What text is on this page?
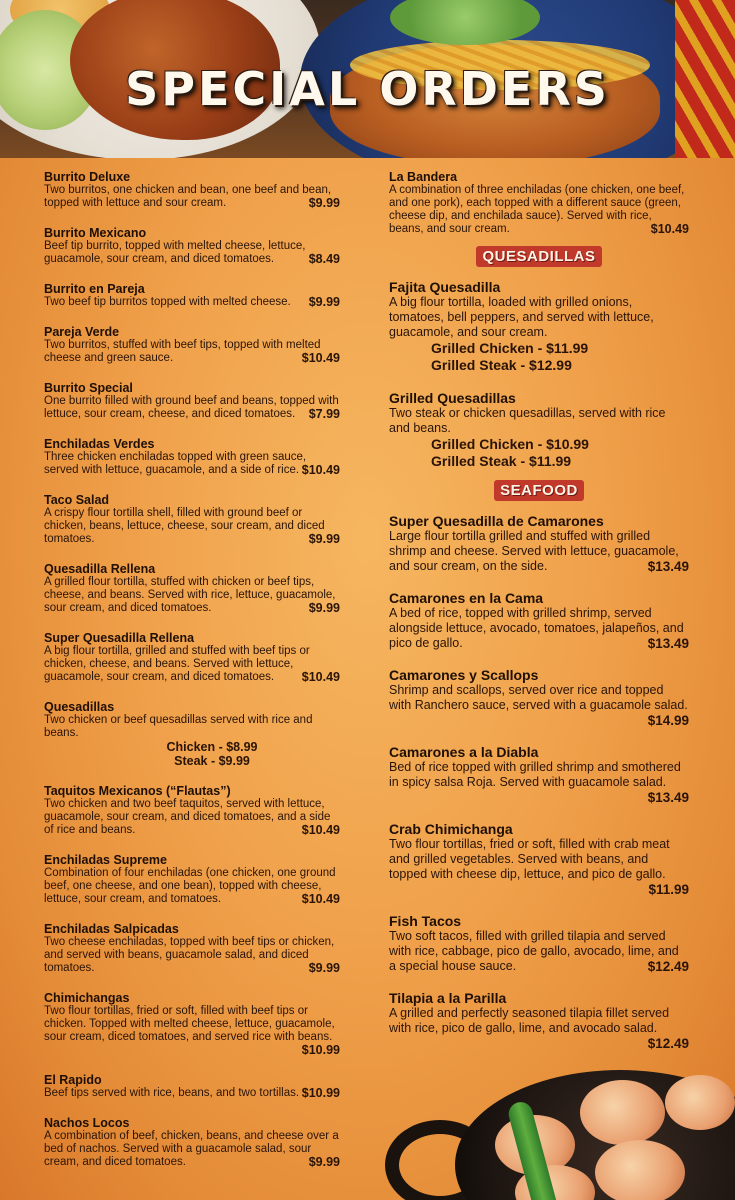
SPECIAL ORDERS
Burrito Deluxe
Two burritos, one chicken and bean, one beef and bean, topped with lettuce and sour cream.	$9.99
Burrito Mexicano
Beef tip burrito, topped with melted cheese, lettuce, guacamole, sour cream, and diced tomatoes.	$8.49
Burrito en Pareja
Two beef tip burritos topped with melted cheese. $9.99
Pareja Verde
Two burritos, stuffed with beef tips, topped with melted cheese and green sauce.	$10.49
Burrito Special
One burrito filled with ground beef and beans, topped with lettuce, sour cream, cheese, and diced tomatoes. $7.99
Enchiladas Verdes
Three chicken enchiladas topped with green sauce, served with lettuce, guacamole, and a side of rice. $10.49
Taco Salad
A crispy flour tortilla shell, filled with ground beef or chicken, beans, lettuce, cheese, sour cream, and diced tomatoes.	$9.99
Quesadilla Rellena
A grilled flour tortilla, stuffed with chicken or beef tips, cheese, and beans. Served with rice, lettuce, guacamole, sour cream, and diced tomatoes.	$9.99
Super Quesadilla Rellena
A big flour tortilla, grilled and stuffed with beef tips or chicken, cheese, and beans. Served with lettuce, guacamole, sour cream, and diced tomatoes. $10.49
Quesadillas
Two chicken or beef quesadillas served with rice and beans.
Chicken - $8.99
Steak - $9.99
Taquitos Mexicanos (“Flautas”)
Two chicken and two beef taquitos, served with lettuce, guacamole, sour cream, and diced tomatoes, and a side of rice and beans.	$10.49
Enchiladas Supreme
Combination of four enchiladas (one chicken, one ground beef, one cheese, and one bean), topped with cheese, lettuce, sour cream, and tomatoes.	$10.49
Enchiladas Salpicadas
Two cheese enchiladas, topped with beef tips or chicken, and served with beans, guacamole salad, and diced tomatoes.	$9.99
Chimichangas
Two flour tortillas, fried or soft, filled with beef tips or chicken. Topped with melted cheese, lettuce, guacamole, sour cream, diced tomatoes, and served rice with beans.
$10.99
El Rapido
Beef tips served with rice, beans, and two tortillas. $10.99
Nachos Locos
A combination of beef, chicken, beans, and cheese over a bed of nachos. Served with a guacamole salad, sour cream, and diced tomatoes.	$9.99
La Bandera
A combination of three enchiladas (one chicken, one beef, and one pork), each topped with a different sauce (green, cheese dip, and enchilada sauce). Served with rice, beans, and sour cream.	$10.49
QUESADILLAS
Fajita Quesadilla
A big flour tortilla, loaded with grilled onions, tomatoes, bell peppers, and served with lettuce, guacamole, and sour cream.
Grilled Chicken - $11.99
Grilled Steak - $12.99
Grilled Quesadillas
Two steak or chicken quesadillas, served with rice and beans.
Grilled Chicken - $10.99
Grilled Steak - $11.99
SEAFOOD
Super Quesadilla de Camarones
Large flour tortilla grilled and stuffed with grilled shrimp and cheese. Served with lettuce, guacamole, and sour cream, on the side.	$13.49
Camarones en la Cama
A bed of rice, topped with grilled shrimp, served alongside lettuce, avocado, tomatoes, jalapeños, and pico de gallo.	$13.49
Camarones y Scallops
Shrimp and scallops, served over rice and topped with Ranchero sauce, served with a guacamole salad.
$14.99
Camarones a la Diabla
Bed of rice topped with grilled shrimp and smothered in spicy salsa Roja. Served with guacamole salad.
$13.49
Crab Chimichanga
Two flour tortillas, fried or soft, filled with crab meat and grilled vegetables. Served with beans, and topped with cheese dip, lettuce, and pico de gallo.
$11.99
Fish Tacos
Two soft tacos, filled with grilled tilapia and served with rice, cabbage, pico de gallo, avocado, lime, and a special house sauce.	$12.49
Tilapia a la Parilla
A grilled and perfectly seasoned tilapia fillet served with rice, pico de gallo, lime, and avocado salad.
$12.49
